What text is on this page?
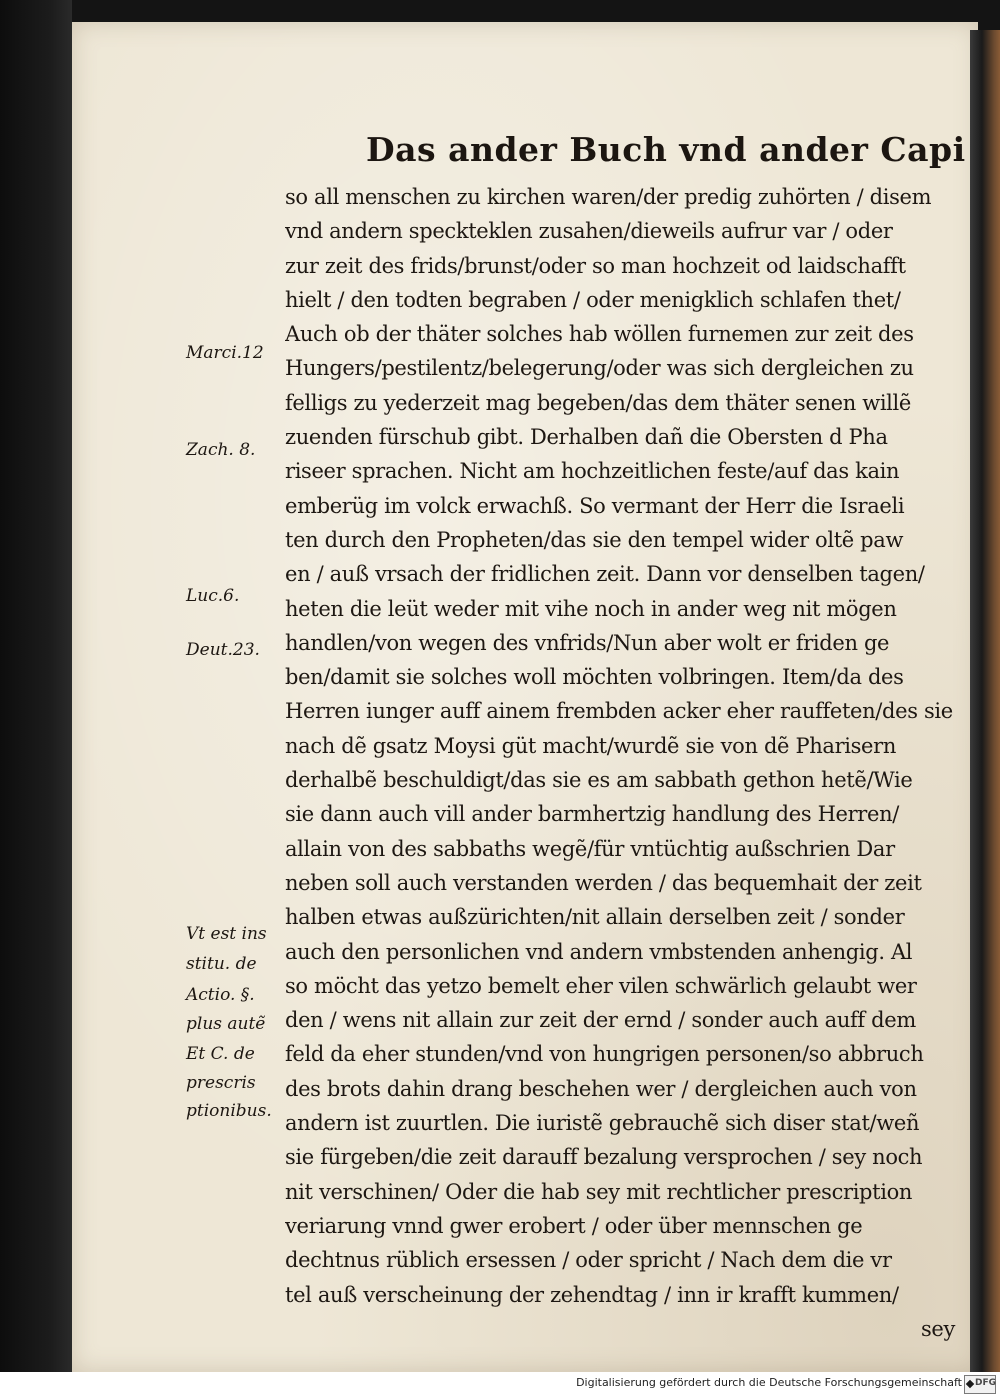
Das ander Buch vnd ander Capi
so all menschen zu kirchen waren/der predig zuhörten / disem
vnd andern speckteklen zusahen/dieweils aufrur var / oder
zur zeit des frids/brunst/oder so man hochzeit od laidschafft
hielt / den todten begraben / oder menigklich schlafen thet/
Auch ob der thäter solches hab wöllen furnemen zur zeit des
Hungers/pestilentz/belegerung/oder was sich dergleichen zu
felligs zu yederzeit mag begeben/das dem thäter senen willẽ
zuenden fürschub gibt. Derhalben dañ die Obersten d Pha
riseer sprachen. Nicht am hochzeitlichen feste/auf das kain
emberüg im volck erwachß. So vermant der Herr die Israeli
ten durch den Propheten/das sie den tempel wider oltẽ paw
en / auß vrsach der fridlichen zeit. Dann vor denselben tagen/
heten die leüt weder mit vihe noch in ander weg nit mögen
handlen/von wegen des vnfrids/Nun aber wolt er friden ge
ben/damit sie solches woll möchten volbringen. Item/da des
Herren iunger auff ainem frembden acker eher rauffeten/des sie
nach dẽ gsatz Moysi güt macht/wurdẽ sie von dẽ Pharisern
derhalbẽ beschuldigt/das sie es am sabbath gethon hetẽ/Wie
sie dann auch vill ander barmhertzig handlung des Herren/
allain von des sabbaths wegẽ/für vntüchtig außschrien Dar
neben soll auch verstanden werden / das bequemhait der zeit
halben etwas außzürichten/nit allain derselben zeit / sonder
auch den personlichen vnd andern vmbstenden anhengig. Al
so möcht das yetzo bemelt eher vilen schwärlich gelaubt wer
den / wens nit allain zur zeit der ernd / sonder auch auff dem
feld da eher stunden/vnd von hungrigen personen/so abbruch
des brots dahin drang beschehen wer / dergleichen auch von
andern ist zuurtlen. Die iuristẽ gebrauchẽ sich diser stat/weñ
sie fürgeben/die zeit darauff bezalung versprochen / sey noch
nit verschinen/ Oder die hab sey mit rechtlicher prescription
veriarung vnnd gwer erobert / oder über mennschen ge
dechtnus rüblich ersessen / oder spricht / Nach dem die vr
tel auß verscheinung der zehendtag / inn ir krafft kummen/
sey
Marci.12
Zach. 8.
Luc.6.
Deut.23.
Vt est ins
stitu. de
Actio. §.
plus autẽ
Et C. de
prescris
ptionibus.
Digitalisierung gefördert durch die Deutsche Forschungsgemeinschaft DFG
